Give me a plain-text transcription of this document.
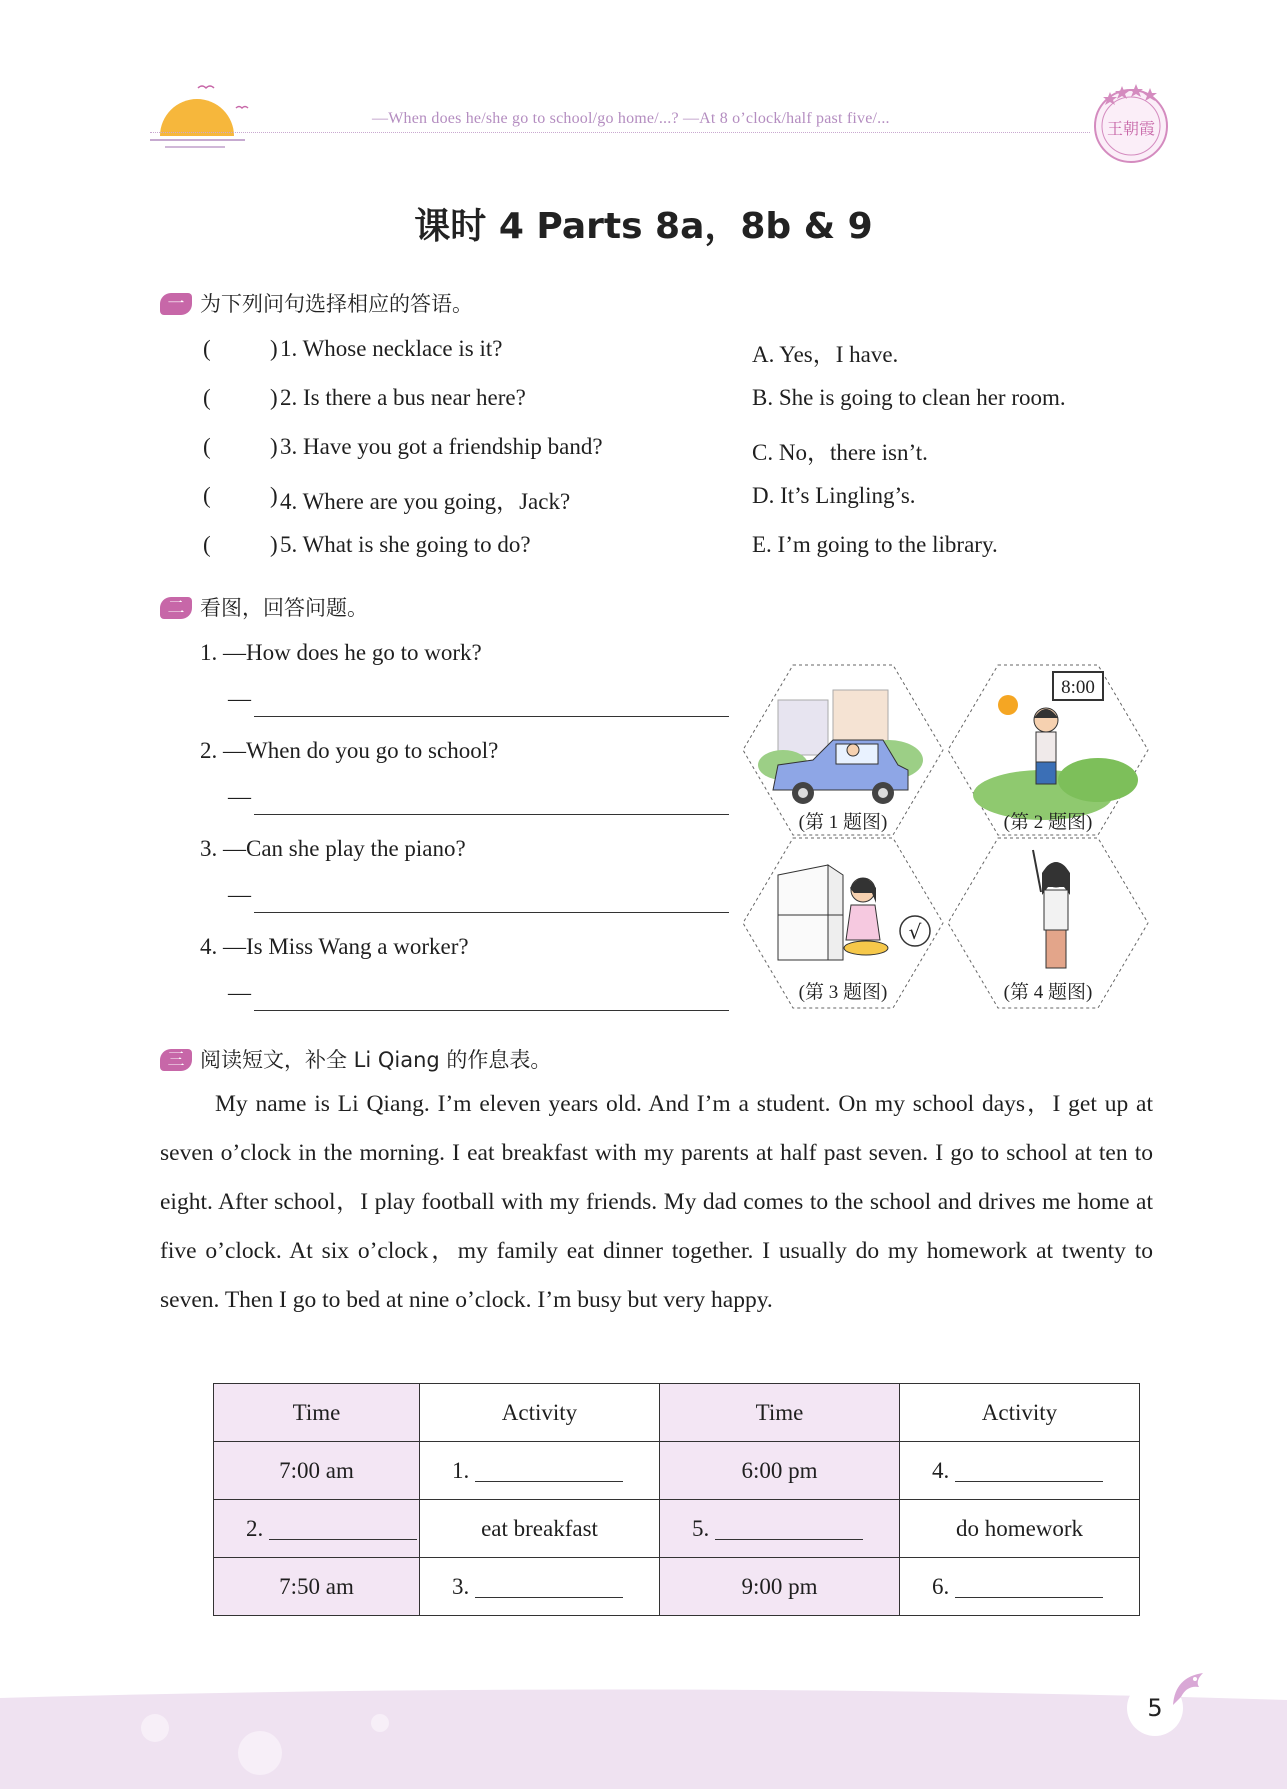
—When does he/she go to school/go home/...? —At 8 o’clock/half past five/...
王朝霞
课时 4 Parts 8a，8b & 9
一 为下列问句选择相应的答语。
(	) 1. Whose necklace is it?	A. Yes，I have.
(	) 2. Is there a bus near here?	B. She is going to clean her room.
(	) 3. Have you got a friendship band?	C. No，there isn’t.
(	) 4. Where are you going，Jack?	D. It’s Lingling’s.
(	) 5. What is she going to do?	E. I’m going to the library.
二 看图，回答问题。
1. —How does he go to work?
—
2. —When do you go to school?
—
3. —Can she play the piano?
—
4. —Is Miss Wang a worker?
—
(第 1 题图)
8:00
(第 2 题图)
√
(第 3 题图)	(第 4 题图)
三 阅读短文，补全 Li Qiang 的作息表。

My name is Li Qiang. I’m eleven years old. And I’m a student. On my school days，I get up at seven o’clock in the morning. I eat breakfast with my parents at half past seven. I go to school at ten to eight. After school，I play football with my friends. My dad comes to the school and drives me home at five o’clock. At six o’clock，my family eat dinner together. I usually do my homework at twenty to seven. Then I go to bed at nine o’clock. I’m busy but very happy.

Time	Activity	Time	Activity
7:00 am	1.	6:00 pm	4.
2.	eat breakfast	5.	do homework
7:50 am	3.	9:00 pm	6.
5
